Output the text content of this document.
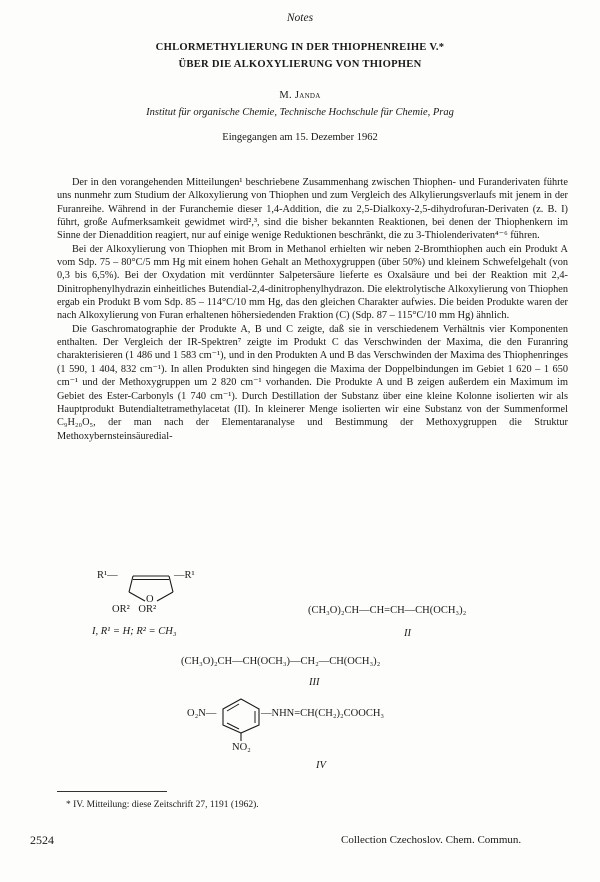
Notes
CHLORMETHYLIERUNG IN DER THIOPHENREIHE V.*
ÜBER DIE ALKOXYLIERUNG VON THIOPHEN
M. Janda
Institut für organische Chemie, Technische Hochschule für Chemie, Prag
Eingegangen am 15. Dezember 1962

Der in den vorangehenden Mitteilungen¹ beschriebene Zusammenhang zwischen Thiophen- und Furanderivaten führte uns nunmehr zum Studium der Alkoxylierung von Thiophen und zum Vergleich des Alkylierungsverlaufs mit jenem in der Furanreihe. Während in der Furanchemie dieser 1,4-Addition, die zu 2,5-Dialkoxy-2,5-dihydrofuran-Derivaten (z. B. I) führt, große Aufmerksamkeit gewidmet wird²,³, sind die bisher bekannten Reaktionen, bei denen der Thiophenkern im Sinne der Dienaddition reagiert, nur auf einige wenige Reduktionen beschränkt, die zu 3-Thiolenderivaten⁴⁻⁶ führen.

Bei der Alkoxylierung von Thiophen mit Brom in Methanol erhielten wir neben 2-Bromthiophen auch ein Produkt A vom Sdp. 75 – 80°C/5 mm Hg mit einem hohen Gehalt an Methoxygruppen (über 50%) und kleinem Schwefelgehalt (von 0,3 bis 6,5%). Bei der Oxydation mit verdünnter Salpetersäure lieferte es Oxalsäure und bei der Reaktion mit 2,4-Dinitrophenylhydrazin einheitliches Butendial-2,4-dinitrophenylhydrazon. Die elektrolytische Alkoxylierung von Thiophen ergab ein Produkt B vom Sdp. 85 – 114°C/10 mm Hg, das den gleichen Charakter aufwies. Die beiden Produkte waren der nach Alkoxylierung von Furan erhaltenen höhersiedenden Fraktion (C) (Sdp. 87 – 115°C/10 mm Hg) ähnlich.

Die Gaschromatographie der Produkte A, B und C zeigte, daß sie in verschiedenem Verhältnis vier Komponenten enthalten. Der Vergleich der IR-Spektren⁷ zeigte im Produkt C das Verschwinden der Maxima, die den Furanring charakterisieren (1 486 und 1 583 cm⁻¹), und in den Produkten A und B das Verschwinden der Maxima des Thiophenringes (1 590, 1 404, 832 cm⁻¹). In allen Produkten sind hingegen die Maxima der Doppelbindungen im Gebiet 1 620 – 1 650 cm⁻¹ und der Methoxygruppen um 2 820 cm⁻¹ vorhanden. Die Produkte A und B zeigen außerdem ein Maximum im Gebiet des Ester-Carbonyls (1 740 cm⁻¹). Durch Destillation der Substanz über eine kleine Kolonne isolierten wir als Hauptprodukt Butendialtetramethylacetat (II). In kleinerer Menge isolierten wir eine Substanz von der Summenformel C₉H₂₀O₅, der man nach der Elementaranalyse und Bestimmung der Methoxygruppen die Struktur Methoxybernsteinsäuredial-

R¹—	—R¹
O
OR² OR²
I, R¹ = H; R² = CH₃
(CH₃O)₂CH—CH=CH—CH(OCH₃)₂
II
(CH₃O)₂CH—CH(OCH₃)—CH₂—CH(OCH₃)₂
III
O₂N—	—NHN=CH(CH₂)₂COOCH₃
NO₂
IV
* IV. Mitteilung: diese Zeitschrift 27, 1191 (1962).
2524	Collection Czechoslov. Chem. Commun.
